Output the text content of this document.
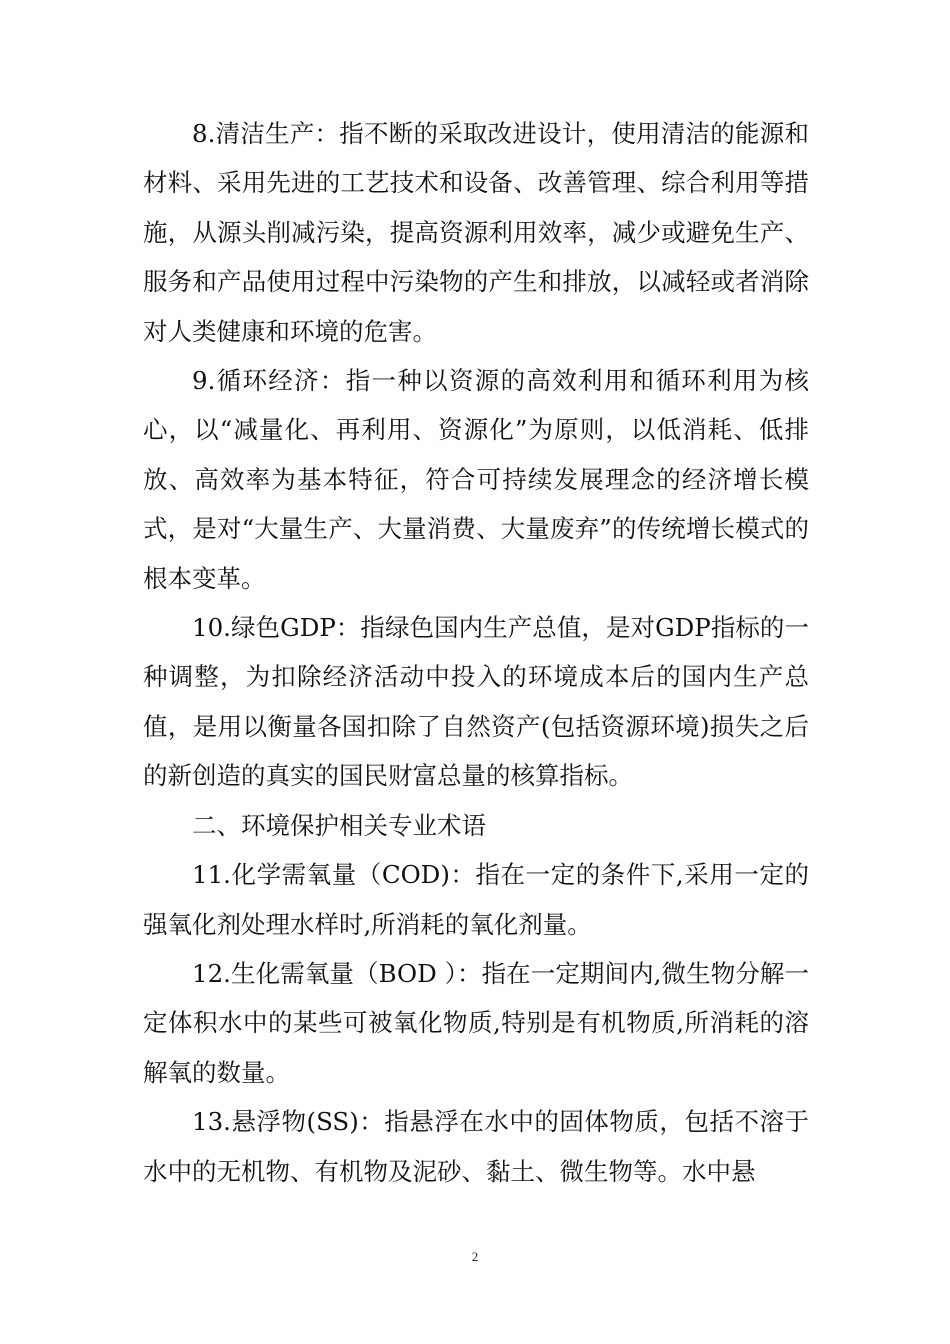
8.清洁生产：指不断的采取改进设计，使用清洁的能源和材料、采用先进的工艺技术和设备、改善管理、综合利用等措施，从源头削减污染，提高资源利用效率，减少或避免生产、服务和产品使用过程中污染物的产生和排放，以减轻或者消除对人类健康和环境的危害。

9.循环经济：指一种以资源的高效利用和循环利用为核心，以“减量化、再利用、资源化”为原则，以低消耗、低排放、高效率为基本特征，符合可持续发展理念的经济增长模式，是对“大量生产、大量消费、大量废弃”的传统增长模式的根本变革。

10.绿色GDP：指绿色国内生产总值，是对GDP指标的一种调整，为扣除经济活动中投入的环境成本后的国内生产总值，是用以衡量各国扣除了自然资产(包括资源环境)损失之后的新创造的真实的国民财富总量的核算指标。

二、环境保护相关专业术语

11.化学需氧量（COD)：指在一定的条件下,采用一定的强氧化剂处理水样时,所消耗的氧化剂量。

12.生化需氧量（BOD ）：指在一定期间内,微生物分解一定体积水中的某些可被氧化物质,特别是有机物质,所消耗的溶解氧的数量。

13.悬浮物(SS)：指悬浮在水中的固体物质，包括不溶于水中的无机物、有机物及泥砂、黏土、微生物等。水中悬

2
